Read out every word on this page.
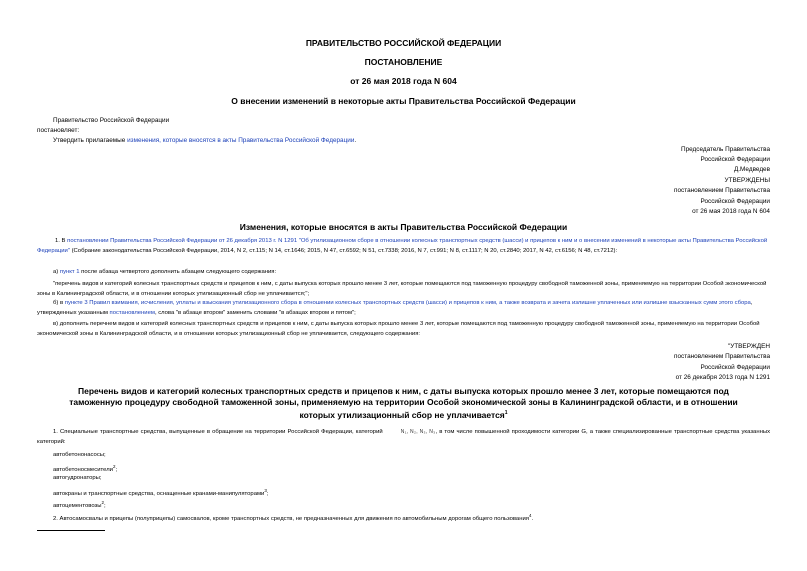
ПРАВИТЕЛЬСТВО РОССИЙСКОЙ ФЕДЕРАЦИИ
ПОСТАНОВЛЕНИЕ
от 26 мая 2018 года N 604
О внесении изменений в некоторые акты Правительства Российской Федерации
Правительство Российской Федерации
постановляет:
Утвердить прилагаемые изменения, которые вносятся в акты Правительства Российской Федерации.
Председатель Правительства
Российской Федерации
Д.Медведев
УТВЕРЖДЕНЫ
постановлением Правительства
Российской Федерации
от 26 мая 2018 года N 604
Изменения, которые вносятся в акты Правительства Российской Федерации
1. В постановлении Правительства Российской Федерации от 26 декабря 2013 г. N 1291 "Об утилизационном сборе в отношении колесных транспортных средств (шасси) и прицепов к ним и о внесении изменений в некоторые акты Правительства Российской Федерации" (Собрание законодательства Российской Федерации, 2014, N 2, ст.115; N 14, ст.1646; 2015, N 47, ст.6592; N 51, ст.7338; 2016, N 7, ст.991; N 8, ст.1117; N 20, ст.2840; 2017, N 42, ст.6156; N 48, ст.7212):
а) пункт 1 после абзаца четвертого дополнить абзацем следующего содержания:
"перечень видов и категорий колесных транспортных средств и прицепов к ним, с даты выпуска которых прошло менее 3 лет, которые помещаются под таможенную процедуру свободной таможенной зоны, применяемую на территории Особой экономической зоны в Калининградской области, и в отношении которых утилизационный сбор не уплачивается;";
б) в пункте 3 Правил взимания, исчисления, уплаты и взыскания утилизационного сбора в отношении колесных транспортных средств (шасси) и прицепов к ним, а также возврата и зачета излишне уплаченных или излишне взысканных сумм этого сбора, утвержденных указанным постановлением, слова "в абзаце втором" заменить словами "в абзацах втором и пятом";
в) дополнить перечнем видов и категорий колесных транспортных средств и прицепов к ним, с даты выпуска которых прошло менее 3 лет, которые помещаются под таможенную процедуру свободной таможенной зоны, применяемую на территории Особой экономической зоны в Калининградской области, и в отношении которых утилизационный сбор не уплачивается, следующего содержания:
"УТВЕРЖДЕН
постановлением Правительства
Российской Федерации
от 26 декабря 2013 года N 1291
Перечень видов и категорий колесных транспортных средств и прицепов к ним, с даты выпуска которых прошло менее 3 лет, которые помещаются под таможенную процедуру свободной таможенной зоны, применяемую на территории Особой экономической зоны в Калининградской области, и в отношении которых утилизационный сбор не уплачивается$^1$
1. Специальные транспортные средства, выпущенные в обращение на территории Российской Федерации, категорий	N₁, N₂, N₃, N₃, в том числе повышенной проходимости категории G, а также специализированные транспортные средства указанных категорий:
автобетононасосы;
автобетоносмесители$^2$;
автогудронаторы;
автокраны и транспортные средства, оснащенные кранами-манипуляторами$^3$;
автоцементовозы$^2$;
2. Автосамосвалы и прицепы (полуприцепы) самосвалов, кроме транспортных средств, не предназначенных для движения по автомобильным дорогам общего пользования$^4$.
